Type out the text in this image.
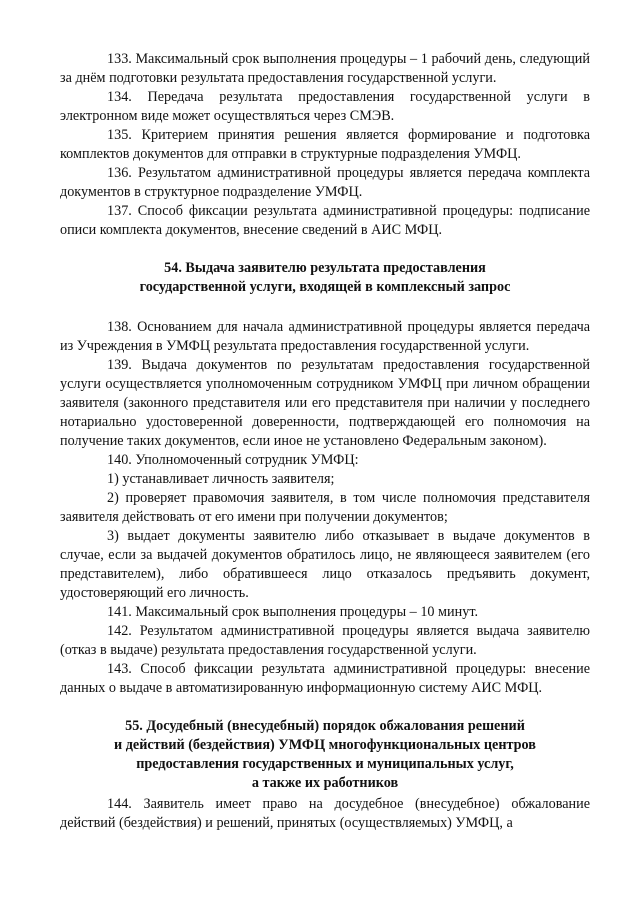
133. Максимальный срок выполнения процедуры – 1 рабочий день, следующий за днём подготовки результата предоставления государственной услуги.

134. Передача результата предоставления государственной услуги в электронном виде может осуществляться через СМЭВ.

135. Критерием принятия решения является формирование и подготовка комплектов документов для отправки в структурные подразделения УМФЦ.

136. Результатом административной процедуры является передача комплекта документов в структурное подразделение УМФЦ.

137. Способ фиксации результата административной процедуры: подписание описи комплекта документов, внесение сведений в АИС МФЦ.

54. Выдача заявителю результата предоставления
государственной услуги, входящей в комплексный запрос

138. Основанием для начала административной процедуры является передача из Учреждения в УМФЦ результата предоставления государственной услуги.

139. Выдача документов по результатам предоставления государственной услуги осуществляется уполномоченным сотрудником УМФЦ при личном обращении заявителя (законного представителя или его представителя при наличии у последнего нотариально удостоверенной доверенности, подтверждающей его полномочия на получение таких документов, если иное не установлено Федеральным законом).

140. Уполномоченный сотрудник УМФЦ:

1) устанавливает личность заявителя;

2) проверяет правомочия заявителя, в том числе полномочия представителя заявителя действовать от его имени при получении документов;

3) выдает документы заявителю либо отказывает в выдаче документов в случае, если за выдачей документов обратилось лицо, не являющееся заявителем (его представителем), либо обратившееся лицо отказалось предъявить документ, удостоверяющий его личность.

141. Максимальный срок выполнения процедуры – 10 минут.

142. Результатом административной процедуры является выдача заявителю (отказ в выдаче) результата предоставления государственной услуги.

143. Способ фиксации результата административной процедуры: внесение данных о выдаче в автоматизированную информационную систему АИС МФЦ.

55. Досудебный (внесудебный) порядок обжалования решений
и действий (бездействия) УМФЦ многофункциональных центров
предоставления государственных и муниципальных услуг,
а также их работников

144. Заявитель имеет право на досудебное (внесудебное) обжалование действий (бездействия) и решений, принятых (осуществляемых) УМФЦ, а
